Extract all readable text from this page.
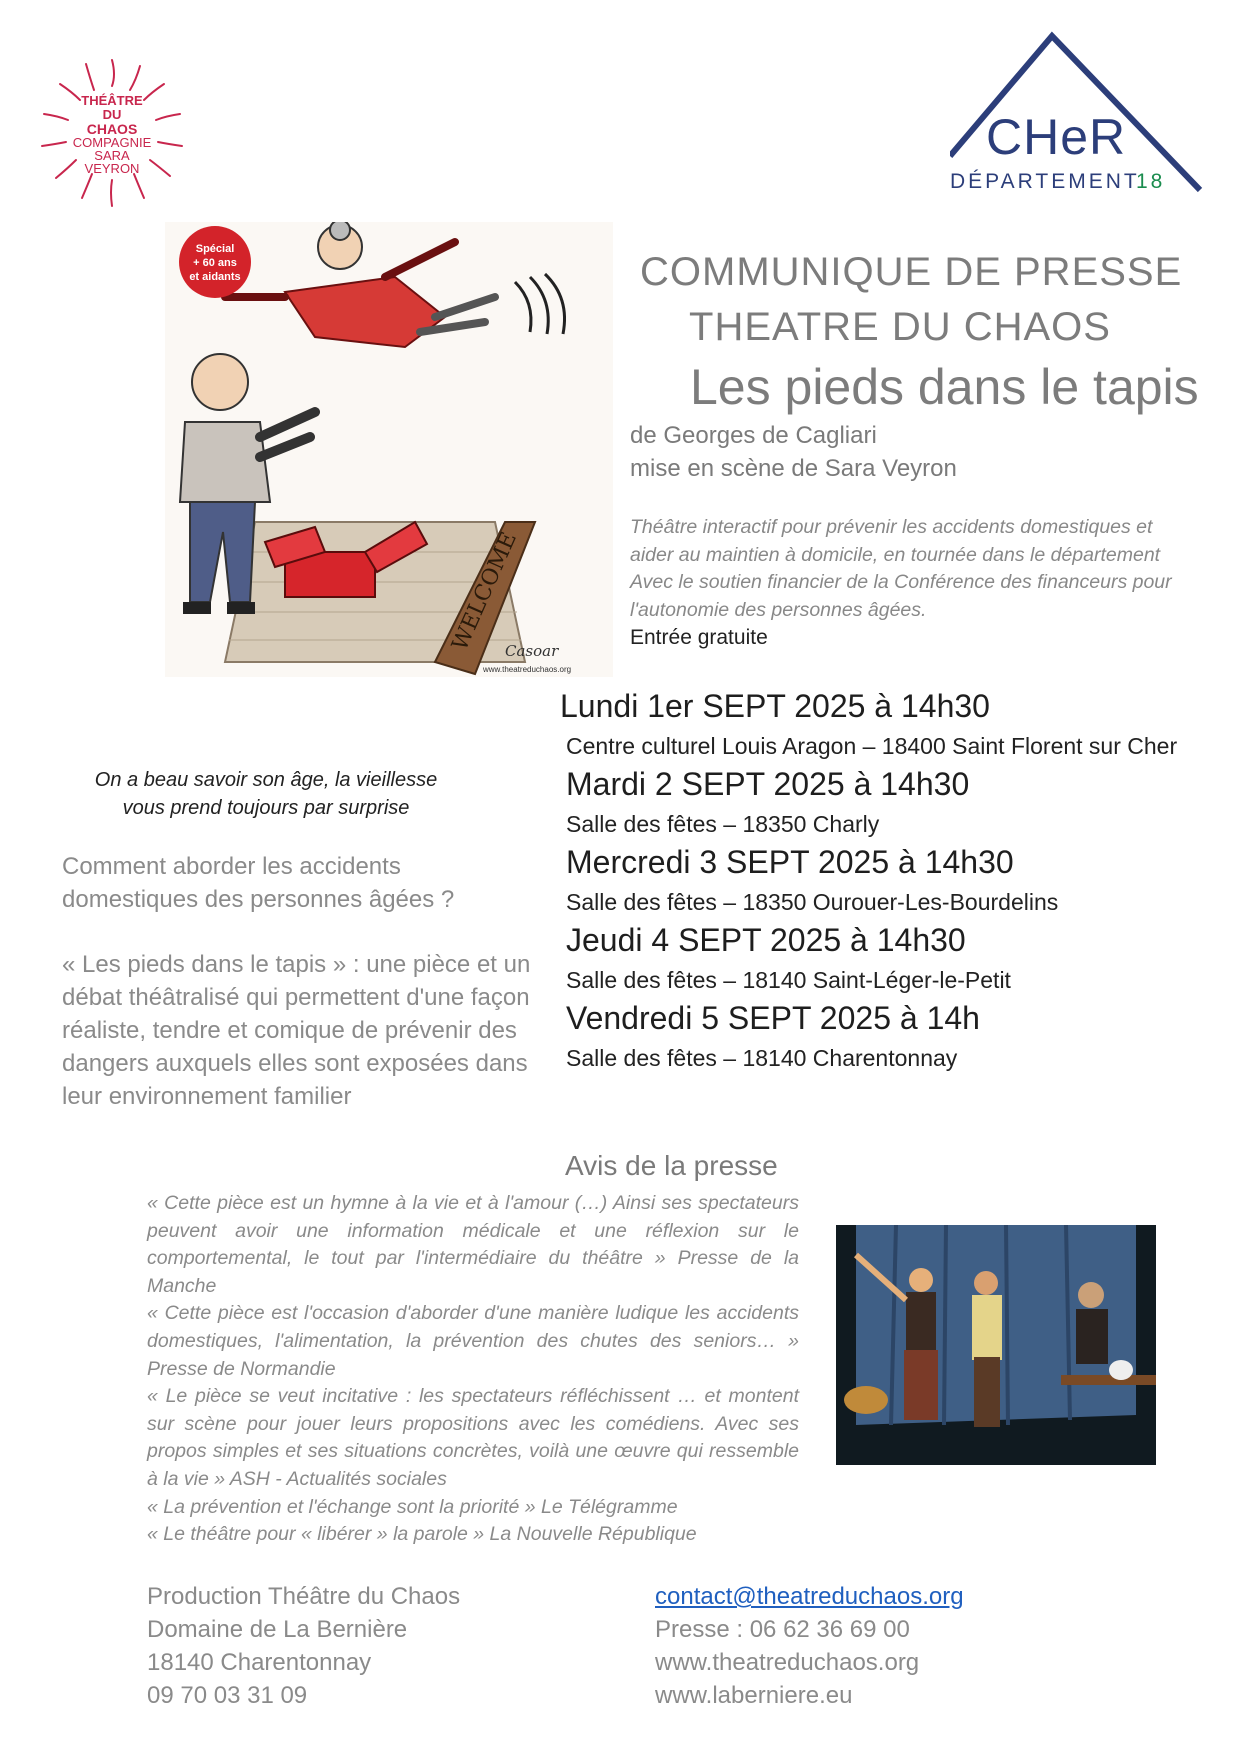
THÉÂTRE
DU
CHAOS
COMPAGNIE
SARA
VEYRON
CHeR
DÉPARTEMENT
18
WELCOME
Spécial
+ 60 ans
et aidants
Casoar
www.theatreduchaos.org
COMMUNIQUE DE PRESSE
THEATRE DU CHAOS
Les pieds dans le tapis
de Georges de Cagliari
mise en scène de Sara Veyron

Théâtre interactif pour prévenir les accidents domestiques et

aider au maintien à domicile, en tournée dans le département

Avec le soutien financier de la Conférence des financeurs pour

l'autonomie des personnes âgées.

Entrée gratuite
Lundi 1er SEPT 2025 à 14h30
Centre culturel Louis Aragon – 18400 Saint Florent sur Cher
Mardi 2 SEPT 2025 à 14h30
Salle des fêtes – 18350 Charly
Mercredi 3 SEPT 2025 à 14h30
Salle des fêtes – 18350 Ourouer-Les-Bourdelins
Jeudi 4 SEPT 2025 à 14h30
Salle des fêtes – 18140 Saint-Léger-le-Petit
Vendredi 5 SEPT 2025 à 14h
Salle des fêtes – 18140 Charentonnay

On a beau savoir son âge, la vieillesse

vous prend toujours par surprise

Comment aborder les accidents domestiques des personnes âgées ?
« Les pieds dans le tapis » : une pièce et un débat théâtralisé qui permettent d'une façon réaliste, tendre et comique de prévenir des dangers auxquels elles sont exposées dans leur environnement familier
Avis de la presse

« Cette pièce est un hymne à la vie et à l'amour (…) Ainsi ses spectateurs peuvent avoir une information médicale et une réflexion sur le comportemental, le tout par l'intermédiaire du théâtre » Presse de la Manche

« Cette pièce est l'occasion d'aborder d'une manière ludique les accidents domestiques, l'alimentation, la prévention des chutes des seniors… » Presse de Normandie

« Le pièce se veut incitative : les spectateurs réfléchissent … et montent sur scène pour jouer leurs propositions avec les comédiens. Avec ses propos simples et ses situations concrètes, voilà une œuvre qui ressemble à la vie » ASH - Actualités sociales

« La prévention et l'échange sont la priorité » Le Télégramme

« Le théâtre pour « libérer » la parole » La Nouvelle République

Production Théâtre du Chaos
Domaine de La Bernière
18140 Charentonnay
09 70 03 31 09
contact@theatreduchaos.org
Presse : 06 62 36 69 00
www.theatreduchaos.org
www.laberniere.eu
